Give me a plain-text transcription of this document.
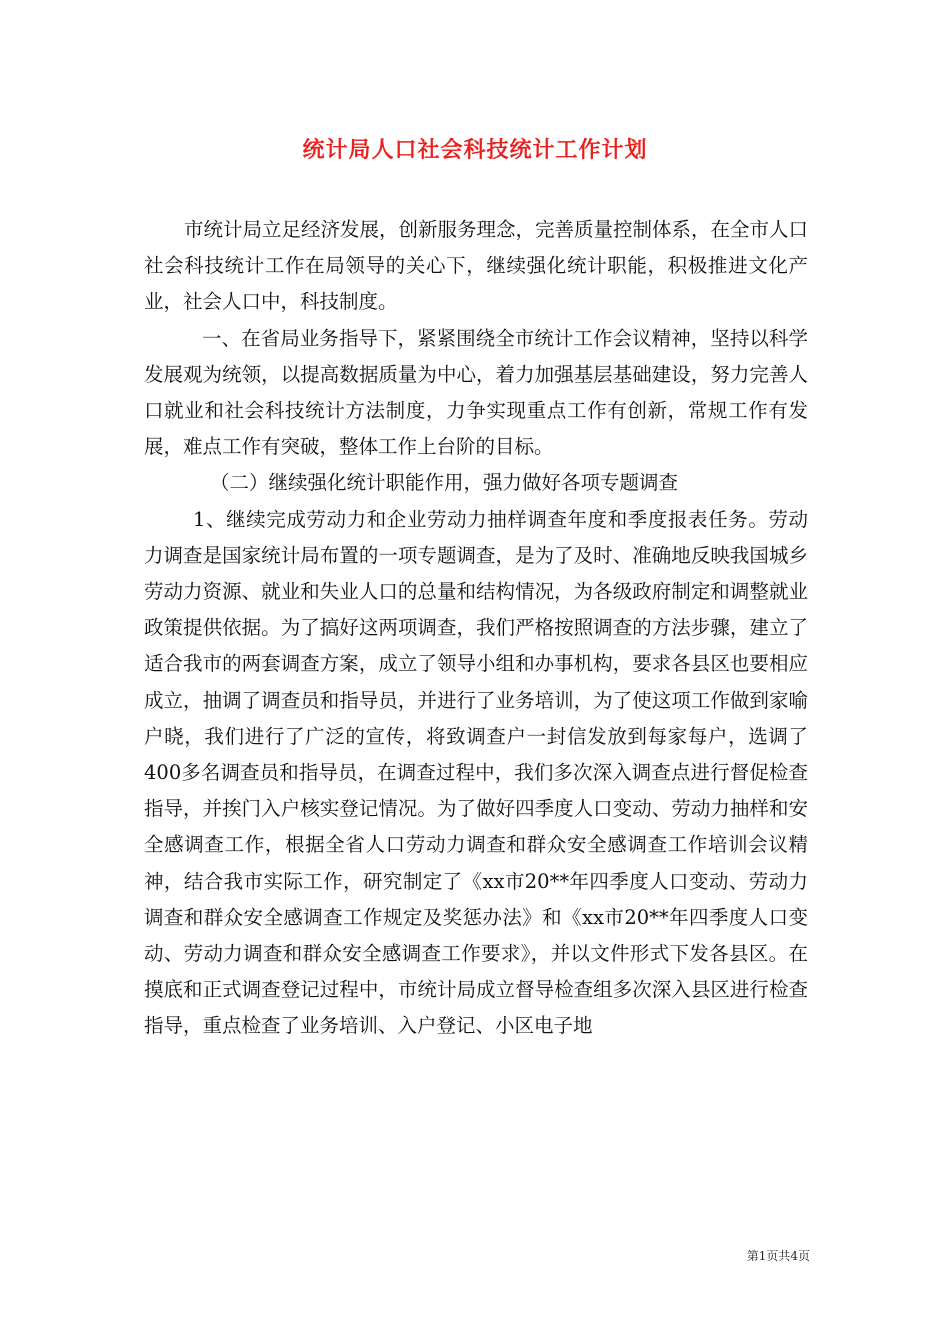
统计局人口社会科技统计工作计划

市统计局立足经济发展，创新服务理念，完善质量控制体系，在全市人口社会科技统计工作在局领导的关心下，继续强化统计职能，积极推进文化产业，社会人口中，科技制度。

一、在省局业务指导下，紧紧围绕全市统计工作会议精神，坚持以科学发展观为统领，以提高数据质量为中心，着力加强基层基础建设，努力完善人口就业和社会科技统计方法制度，力争实现重点工作有创新，常规工作有发展，难点工作有突破，整体工作上台阶的目标。

（二）继续强化统计职能作用，强力做好各项专题调查

1、继续完成劳动力和企业劳动力抽样调查年度和季度报表任务。劳动力调查是国家统计局布置的一项专题调查，是为了及时、准确地反映我国城乡劳动力资源、就业和失业人口的总量和结构情况，为各级政府制定和调整就业政策提供依据。为了搞好这两项调查，我们严格按照调查的方法步骤，建立了适合我市的两套调查方案，成立了领导小组和办事机构，要求各县区也要相应成立，抽调了调查员和指导员，并进行了业务培训，为了使这项工作做到家喻户晓，我们进行了广泛的宣传，将致调查户一封信发放到每家每户，选调了400多名调查员和指导员，在调查过程中，我们多次深入调查点进行督促检查指导，并挨门入户核实登记情况。为了做好四季度人口变动、劳动力抽样和安全感调查工作，根据全省人口劳动力调查和群众安全感调查工作培训会议精神，结合我市实际工作，研究制定了《xx市20**年四季度人口变动、劳动力调查和群众安全感调查工作规定及奖惩办法》和《xx市20**年四季度人口变动、劳动力调查和群众安全感调查工作要求》，并以文件形式下发各县区。在摸底和正式调查登记过程中，市统计局成立督导检查组多次深入县区进行检查指导，重点检查了业务培训、入户登记、小区电子地

第1页共4页
